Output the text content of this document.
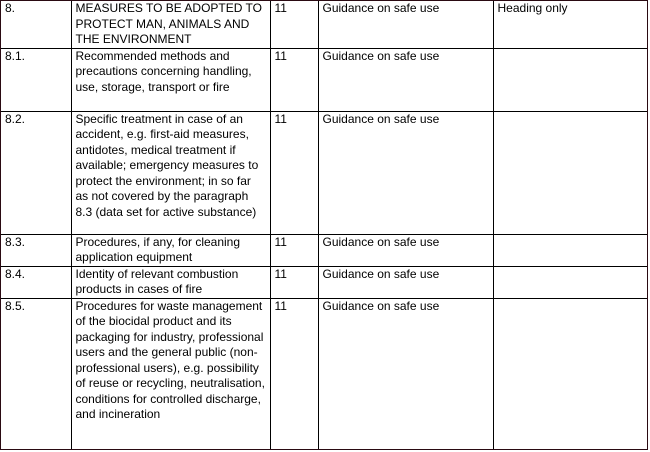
8.	MEASURES TO BE ADOPTED TO PROTECT MAN, ANIMALS AND THE ENVIRONMENT	11	Guidance on safe use	Heading only
8.1.	Recommended methods and precautions concerning handling, use, storage, transport or fire	11	Guidance on safe use	
8.2.	Specific treatment in case of an accident, e.g. first-aid measures, antidotes, medical treatment if available; emergency measures to protect the environment; in so far as not covered by the paragraph 8.3 (data set for active substance)	11	Guidance on safe use	
8.3.	Procedures, if any, for cleaning application equipment	11	Guidance on safe use	
8.4.	Identity of relevant combustion products in cases of fire	11	Guidance on safe use	
8.5.	Procedures for waste management of the biocidal product and its packaging for industry, professional users and the general public (non-professional users), e.g. possibility of reuse or recycling, neutralisation, conditions for controlled discharge, and incineration	11	Guidance on safe use	
